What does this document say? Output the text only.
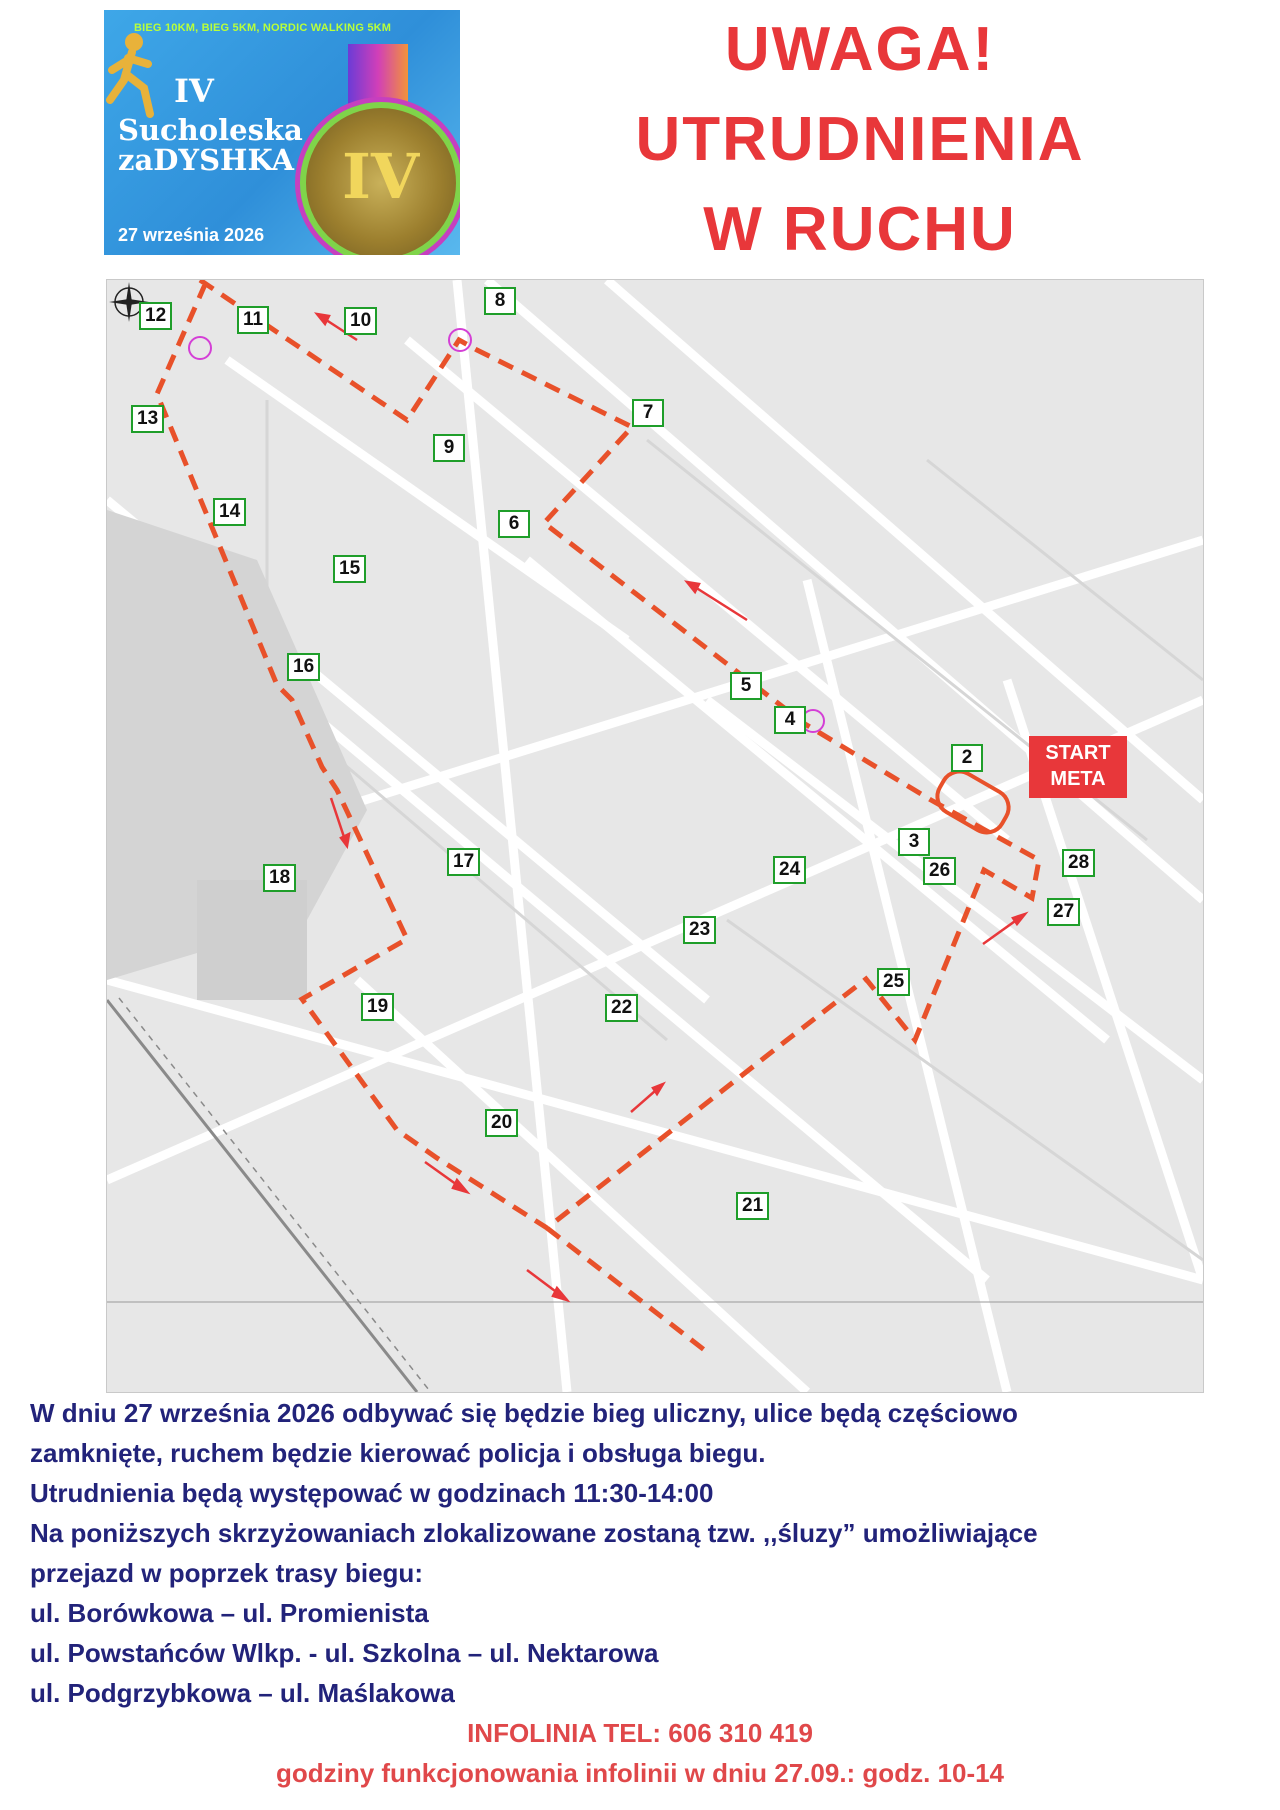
BIEG 10KM, BIEG 5KM, NORDIC WALKING 5KM
IV
Sucholeska
zaDYSHKA IV
27 września 2026
UWAGA!
UTRUDNIENIA
W RUCHU
2
3
4
5
6
7
8
9
10
11
12
13
14
15
16
17
18
19
20
21
22
23
24
25
26
27
28
START
META
W dniu 27 września 2026 odbywać się będzie bieg uliczny, ulice będą częściowo
zamknięte, ruchem będzie kierować policja i obsługa biegu.
Utrudnienia będą występować w godzinach 11:30-14:00
Na poniższych skrzyżowaniach zlokalizowane zostaną tzw. ,,śluzy” umożliwiające
przejazd w poprzek trasy biegu:
ul. Borówkowa – ul. Promienista
ul. Powstańców Wlkp. - ul. Szkolna – ul. Nektarowa
ul. Podgrzybkowa – ul. Maślakowa
INFOLINIA TEL: 606 310 419
godziny funkcjonowania infolinii w dniu 27.09.: godz. 10-14
